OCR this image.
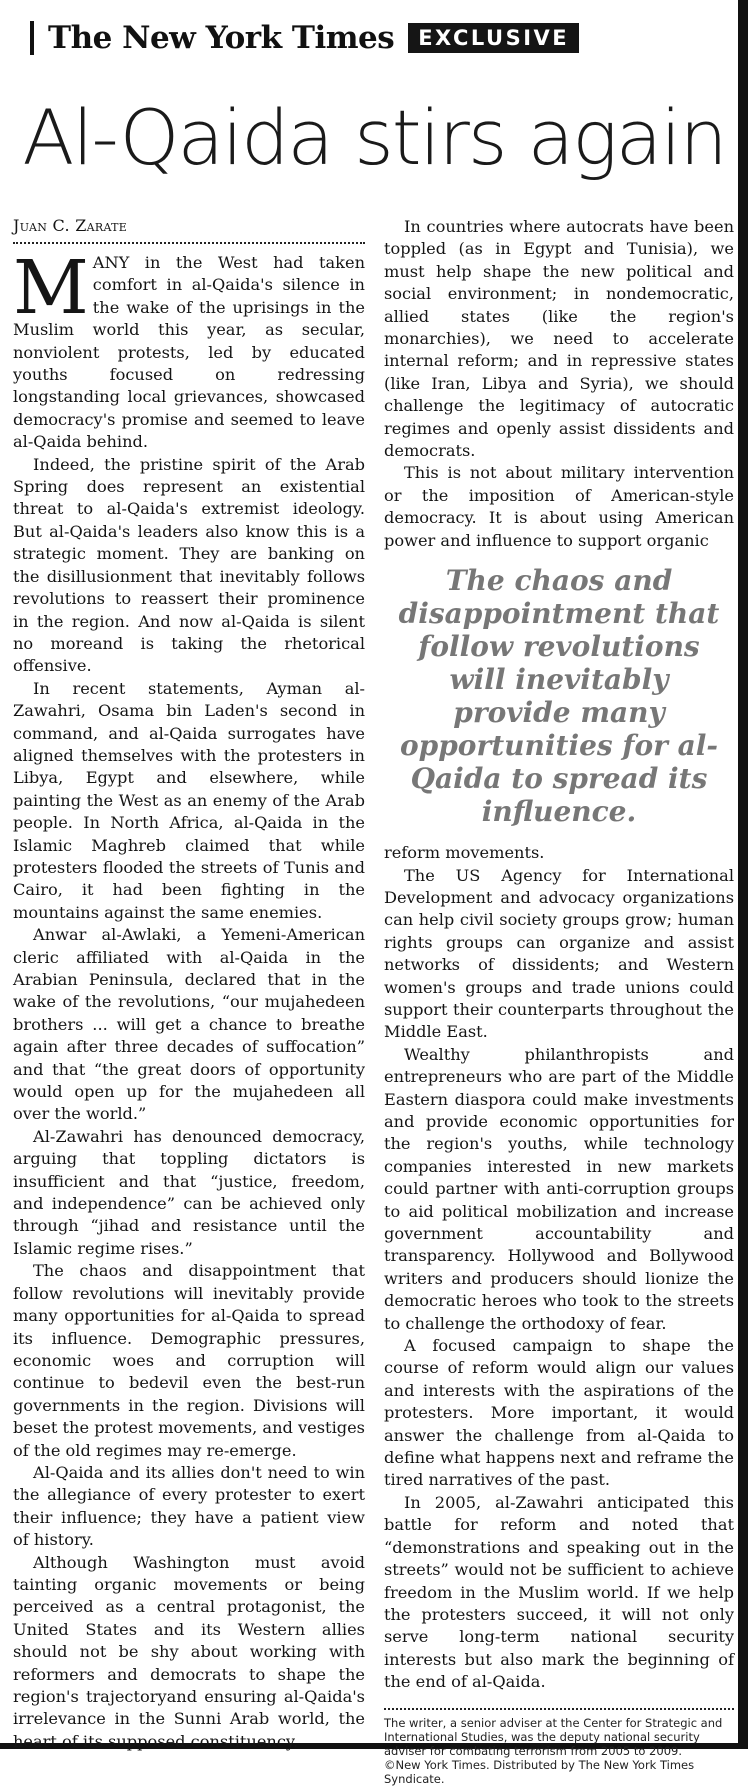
The New York Times	EXCLUSIVE
Al-Qaida stirs again
Juan C. Zarate

MANY in the West had taken comfort in al-Qaida's silence in the wake of the uprisings in the Muslim world this year, as secular, nonviolent protests, led by educated youths focused on redressing longstanding local grievances, showcased democracy's promise and seemed to leave al-Qaida behind.

Indeed, the pristine spirit of the Arab Spring does represent an existential threat to al-Qaida's extremist ideology. But al-Qaida's leaders also know this is a strategic moment. They are banking on the disillusionment that inevitably follows revolutions to reassert their prominence in the region. And now al-Qaida is silent no moreand is taking the rhetorical offensive.

In recent statements, Ayman al-Zawahri, Osama bin Laden's second in command, and al-Qaida surrogates have aligned themselves with the protesters in Libya, Egypt and elsewhere, while painting the West as an enemy of the Arab people. In North Africa, al-Qaida in the Islamic Maghreb claimed that while protesters flooded the streets of Tunis and Cairo, it had been fighting in the mountains against the same enemies.

Anwar al-Awlaki, a Yemeni-American cleric affiliated with al-Qaida in the Arabian Peninsula, declared that in the wake of the revolutions, “our mujahedeen brothers ... will get a chance to breathe again after three decades of suffocation” and that “the great doors of opportunity would open up for the mujahedeen all over the world.”

Al-Zawahri has denounced democracy, arguing that toppling dictators is insufficient and that “justice, freedom, and independence” can be achieved only through “jihad and resistance until the Islamic regime rises.”

The chaos and disappointment that follow revolutions will inevitably provide many opportunities for al-Qaida to spread its influence. Demographic pressures, economic woes and corruption will continue to bedevil even the best-run governments in the region. Divisions will beset the protest movements, and vestiges of the old regimes may re-emerge.

Al-Qaida and its allies don't need to win the allegiance of every protester to exert their influence; they have a patient view of history.

Although Washington must avoid tainting organic movements or being perceived as a central protagonist, the United States and its Western allies should not be shy about working with reformers and democrats to shape the region's trajectoryand ensuring al-Qaida's irrelevance in the Sunni Arab world, the heart of its supposed constituency.

In countries where autocrats have been toppled (as in Egypt and Tunisia), we must help shape the new political and social environment; in nondemocratic, allied states (like the region's monarchies), we need to accelerate internal reform; and in repressive states (like Iran, Libya and Syria), we should challenge the legitimacy of autocratic regimes and openly assist dissidents and democrats.

This is not about military intervention or the imposition of American-style democracy. It is about using American power and influence to support organic

The chaos and disappointment that follow revolutions will inevitably provide many opportunities for al-Qaida to spread its influence.

reform movements.

The US Agency for International Development and advocacy organizations can help civil society groups grow; human rights groups can organize and assist networks of dissidents; and Western women's groups and trade unions could support their counterparts throughout the Middle East.

Wealthy philanthropists and entrepreneurs who are part of the Middle Eastern diaspora could make investments and provide economic opportunities for the region's youths, while technology companies interested in new markets could partner with anti-corruption groups to aid political mobilization and increase government accountability and transparency. Hollywood and Bollywood writers and producers should lionize the democratic heroes who took to the streets to challenge the orthodoxy of fear.

A focused campaign to shape the course of reform would align our values and interests with the aspirations of the protesters. More important, it would answer the challenge from al-Qaida to define what happens next and reframe the tired narratives of the past.

In 2005, al-Zawahri anticipated this battle for reform and noted that “demonstrations and speaking out in the streets” would not be sufficient to achieve freedom in the Muslim world. If we help the protesters succeed, it will not only serve long-term national security interests but also mark the beginning of the end of al-Qaida.

The writer, a senior adviser at the Center for Strategic and International Studies, was the deputy national security adviser for combating terrorism from 2005 to 2009.
©New York Times. Distributed by The New York Times Syndicate.
